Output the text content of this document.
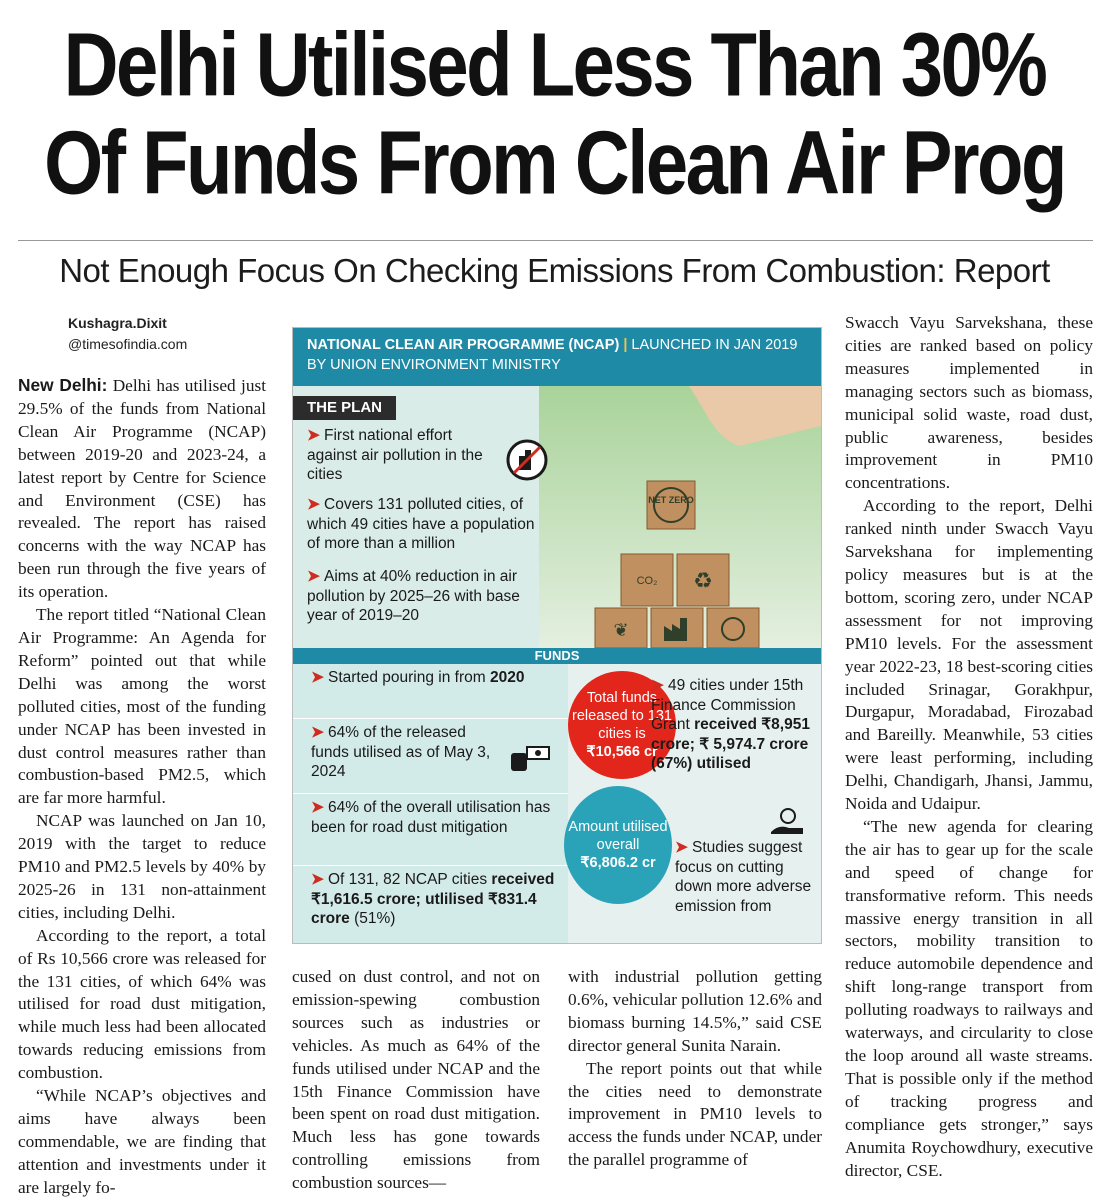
Delhi Utilised Less Than 30%
Of Funds From Clean Air Prog
Not Enough Focus On Checking Emissions From Combustion: Report
Kushagra.Dixit
@timesofindia.com

New Delhi: Delhi has utilised just 29.5% of the funds from National Clean Air Programme (NCAP) between 2019-20 and 2023-24, a latest report by Centre for Science and Environment (CSE) has revealed. The report has raised concerns with the way NCAP has been run through the five years of its operation.

The report titled “National Clean Air Programme: An Agenda for Reform” pointed out that while Delhi was among the worst polluted cities, most of the funding under NCAP has been invested in dust control measures rather than combustion-based PM2.5, which are far more harmful.

NCAP was launched on Jan 10, 2019 with the target to reduce PM10 and PM2.5 levels by 40% by 2025-26 in 131 non-attainment cities, including Delhi.

According to the report, a total of Rs 10,566 crore was released for the 131 cities, of which 64% was utilised for road dust mitigation, while much less had been allocated towards reducing emissions from combustion.

“While NCAP’s objectives and aims have always been commendable, we are finding that attention and investments under it are largely fo-

cused on dust control, and not on emission-spewing combustion sources such as industries or vehicles. As much as 64% of the funds utilised under NCAP and the 15th Finance Commission have been spent on road dust mitigation. Much less has gone towards controlling emissions from combustion sources—

with industrial pollution getting 0.6%, vehicular pollution 12.6% and biomass burning 14.5%,” said CSE director general Sunita Narain.

The report points out that while the cities need to demonstrate improvement in PM10 levels to access the funds under NCAP, under the parallel programme of

Swacch Vayu Sarvekshana, these cities are ranked based on policy measures implemented in managing sectors such as biomass, municipal solid waste, road dust, public awareness, besides improvement in PM10 concentrations.

According to the report, Delhi ranked ninth under Swacch Vayu Sarvekshana for implementing policy measures but is at the bottom, scoring zero, under NCAP assessment for not improving PM10 levels. For the assessment year 2022-23, 18 best-scoring cities included Srinagar, Gorakhpur, Durgapur, Moradabad, Firozabad and Bareilly. Meanwhile, 53 cities were least performing, including Delhi, Chandigarh, Jhansi, Jammu, Noida and Udaipur.

“The new agenda for clearing the air has to gear up for the scale and speed of change for transformative reform. This needs massive energy transition in all sectors, mobility transition to reduce automobile dependence and shift long-range transport from polluting roadways to railways and waterways, and circularity to close the loop around all waste streams. That is possible only if the method of tracking progress and compliance gets stronger,” says Anumita Roychowdhury, executive director, CSE.

NATIONAL CLEAN AIR PROGRAMME (NCAP) | LAUNCHED IN JAN 2019 BY UNION ENVIRONMENT MINISTRY
NET ZERO
CO₂ ♻
❦
THE PLAN
➤ First national effort against air pollution in the cities
➤ Covers 131 polluted cities, of which 49 cities have a population of more than a million
➤ Aims at 40% reduction in air pollution by 2025–26 with base year of 2019–20
FUNDS
➤ Started pouring in from 2020
➤ 64% of the released funds utilised as of May 3, 2024
➤ 64% of the overall utilisation has been for road dust mitigation
➤ Of 131, 82 NCAP cities received ₹1,616.5 crore; utlilised ₹831.4 crore (51%)
Total funds released to 131 cities is
₹10,566 cr
Amount utilised overall
₹6,806.2 cr
➤ 49 cities under 15th Finance Commission Grant received ₹8,951 crore; ₹ 5,974.7 crore (67%) utilised
➤ Studies suggest focus on cutting down more adverse emission from
